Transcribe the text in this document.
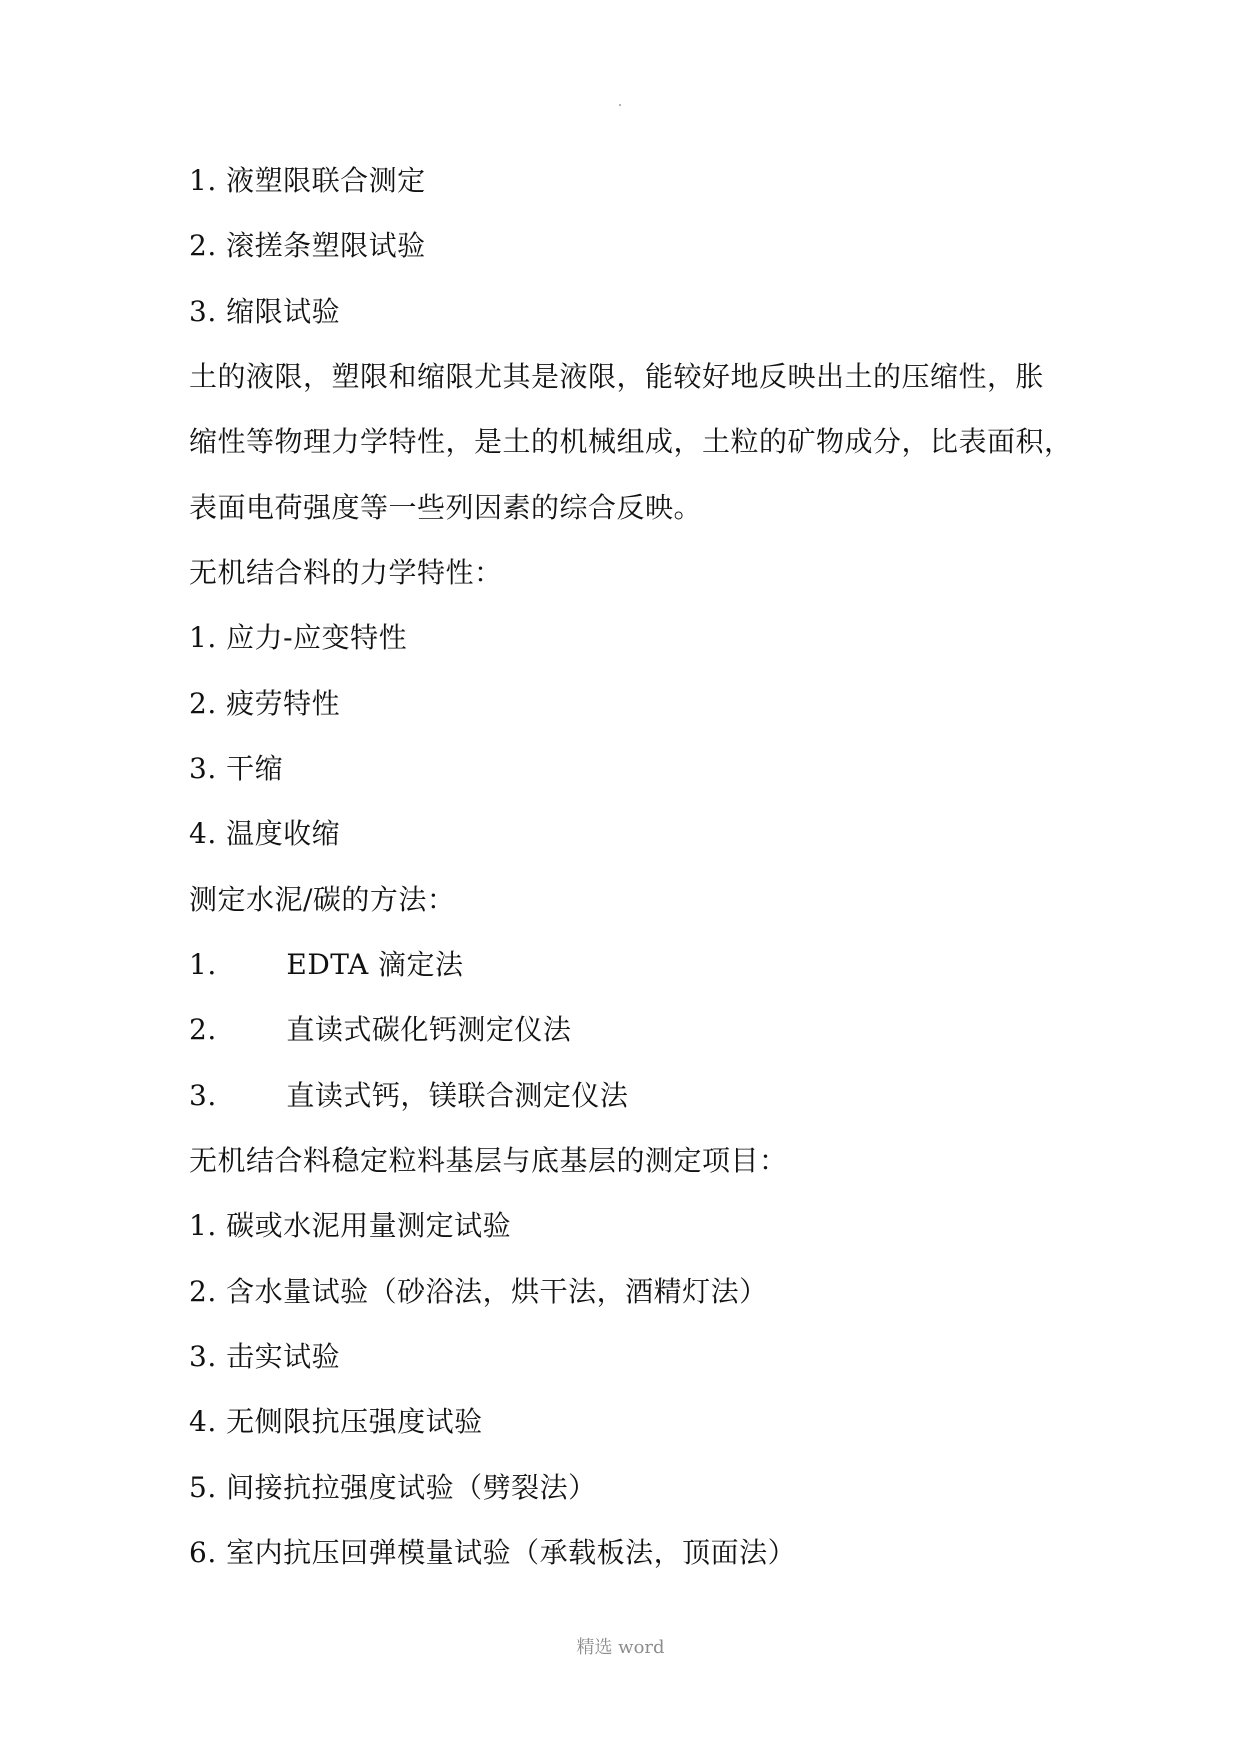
1. 液塑限联合测定
2. 滚搓条塑限试验
3. 缩限试验
土的液限，塑限和缩限尤其是液限，能较好地反映出土的压缩性，胀
缩性等物理力学特性，是土的机械组成，土粒的矿物成分，比表面积，
表面电荷强度等一些列因素的综合反映。
无机结合料的力学特性：
1. 应力-应变特性
2. 疲劳特性
3. 干缩
4. 温度收缩
测定水泥/碳的方法：
1. EDTA 滴定法
2. 直读式碳化钙测定仪法
3. 直读式钙，镁联合测定仪法
无机结合料稳定粒料基层与底基层的测定项目：
1. 碳或水泥用量测定试验
2. 含水量试验（砂浴法，烘干法，酒精灯法）
3. 击实试验
4. 无侧限抗压强度试验
5. 间接抗拉强度试验（劈裂法）
6. 室内抗压回弹模量试验（承载板法，顶面法）
精选 word
